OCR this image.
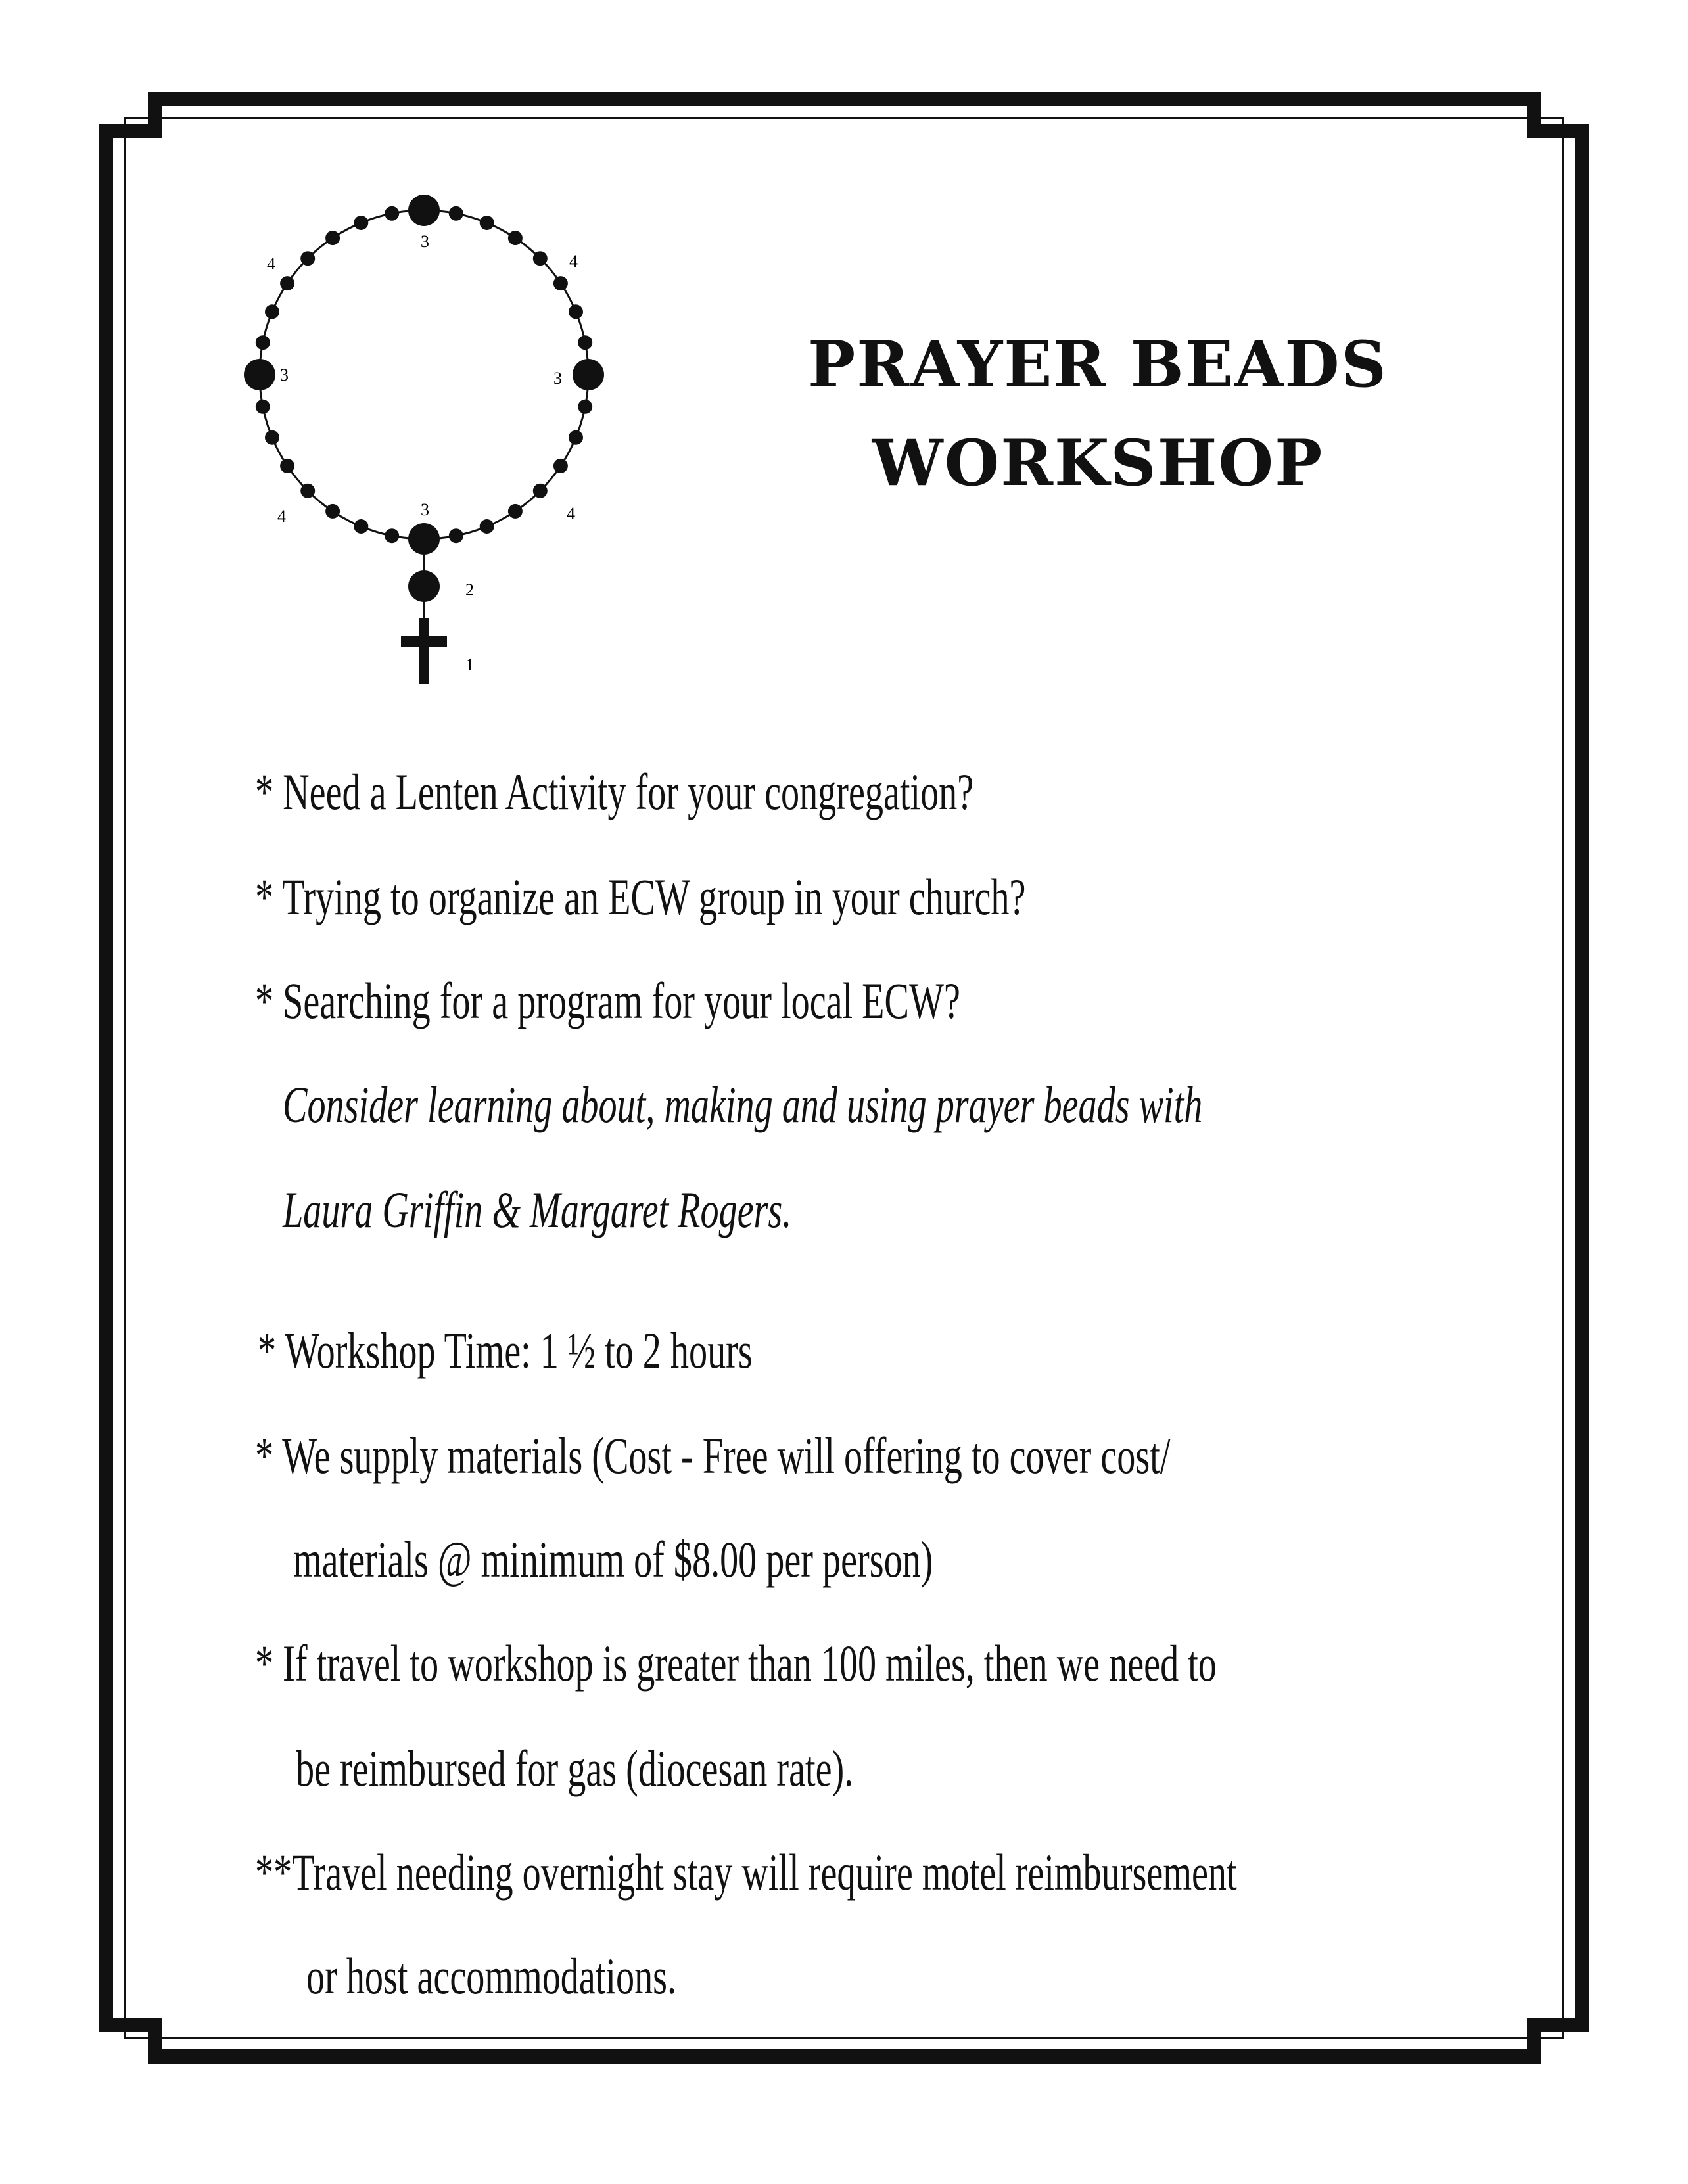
3
3	3
3
4	4
4	4
2
1
PRAYER BEADS
WORKSHOP
* Need a Lenten Activity for your congregation?
* Trying to organize an ECW group in your church?
* Searching for a program for your local ECW?
Consider learning about, making and using prayer beads with
Laura Griffin & Margaret Rogers.
* Workshop Time: 1 ½ to 2 hours
* We supply materials (Cost - Free will offering to cover cost/
materials @ minimum of $8.00 per person)
* If travel to workshop is greater than 100 miles, then we need to
be reimbursed for gas (diocesan rate).
**Travel needing overnight stay will require motel reimbursement
or host accommodations.
